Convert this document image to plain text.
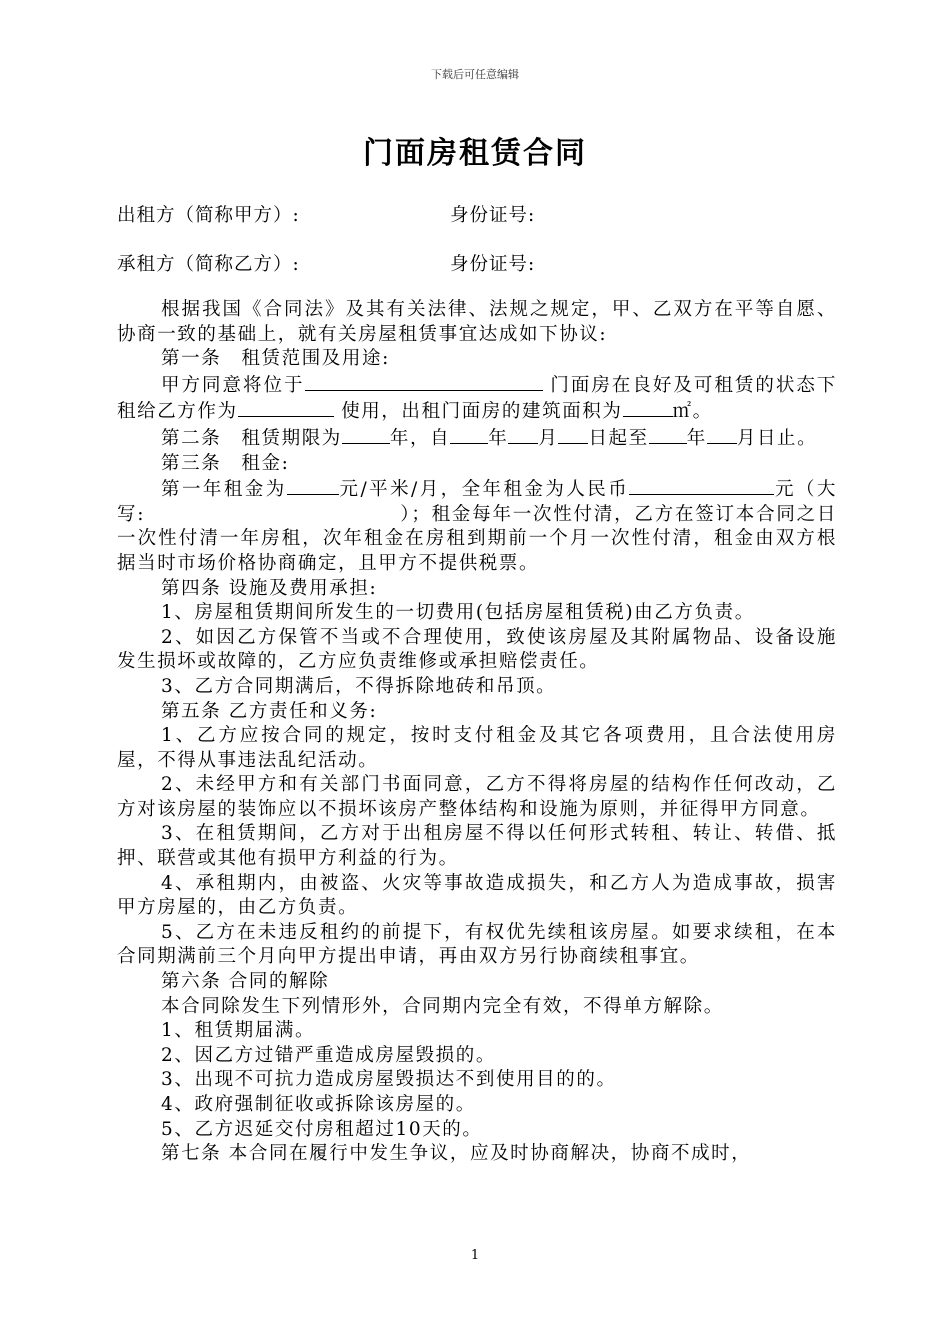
下载后可任意编辑
门面房租赁合同
出租方（简称甲方）:	身份证号:
承租方（简称乙方）:	身份证号:

根据我国《合同法》及其有关法律、法规之规定，甲、乙双方在平等自愿、协商一致的基础上，就有关房屋租赁事宜达成如下协议:

第一条　租赁范围及用途:

甲方同意将位于	门面房在良好及可租赁的状态下租给乙方作为	使用，出租门面房的建筑面积为	㎡。

第二条　租赁期限为	年，自 年 月 日起至 年 月日止。

第三条　租金:

第一年租金为	元/平米/月，全年租金为人民币	元（大写:	）；租金每年一次性付清，乙方在签订本合同之日一次性付清一年房租，次年租金在房租到期前一个月一次性付清，租金由双方根据当时市场价格协商确定，且甲方不提供税票。

第四条 设施及费用承担:

1、房屋租赁期间所发生的一切费用(包括房屋租赁税)由乙方负责。

2、如因乙方保管不当或不合理使用，致使该房屋及其附属物品、设备设施发生损坏或故障的，乙方应负责维修或承担赔偿责任。

3、乙方合同期满后，不得拆除地砖和吊顶。

第五条 乙方责任和义务:

1、乙方应按合同的规定，按时支付租金及其它各项费用，且合法使用房屋，不得从事违法乱纪活动。

2、未经甲方和有关部门书面同意，乙方不得将房屋的结构作任何改动，乙方对该房屋的装饰应以不损坏该房产整体结构和设施为原则，并征得甲方同意。

3、在租赁期间，乙方对于出租房屋不得以任何形式转租、转让、转借、抵押、联营或其他有损甲方利益的行为。

4、承租期内，由被盗、火灾等事故造成损失，和乙方人为造成事故，损害甲方房屋的，由乙方负责。

5、乙方在未违反租约的前提下，有权优先续租该房屋。如要求续租，在本合同期满前三个月向甲方提出申请，再由双方另行协商续租事宜。

第六条 合同的解除

本合同除发生下列情形外，合同期内完全有效，不得单方解除。

1、租赁期届满。

2、因乙方过错严重造成房屋毁损的。

3、出现不可抗力造成房屋毁损达不到使用目的的。

4、政府强制征收或拆除该房屋的。

5、乙方迟延交付房租超过10天的。

第七条 本合同在履行中发生争议，应及时协商解决，协商不成时，

1
